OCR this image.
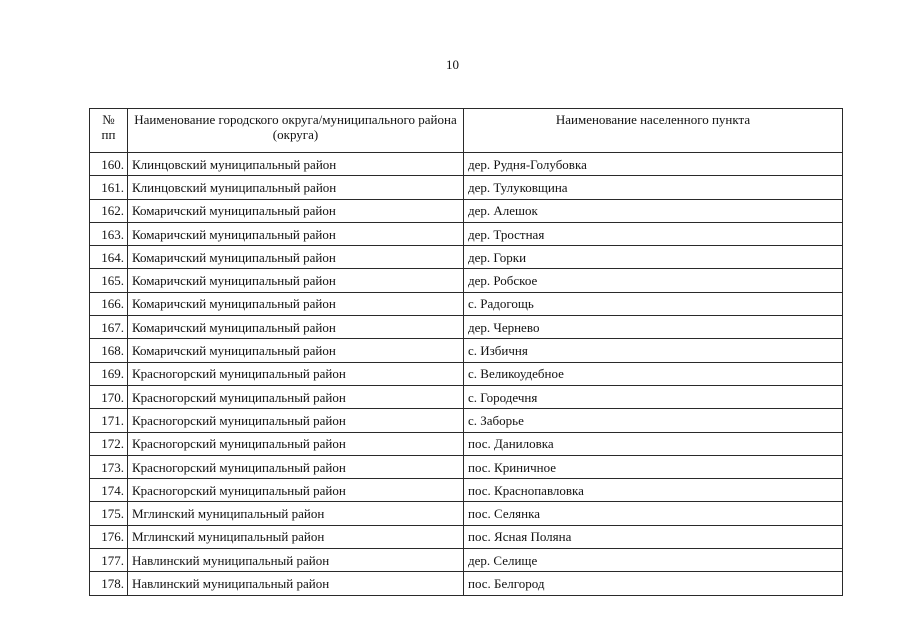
10
№ пп	Наименование городского округа/муниципального района (округа)	Наименование населенного пункта
160.	Клинцовский муниципальный район	дер. Рудня-Голубовка
161.	Клинцовский муниципальный район	дер. Тулуковщина
162.	Комаричский муниципальный район	дер. Алешок
163.	Комаричский муниципальный район	дер. Тростная
164.	Комаричский муниципальный район	дер. Горки
165.	Комаричский муниципальный район	дер. Робское
166.	Комаричский муниципальный район	с. Радогощь
167.	Комаричский муниципальный район	дер. Черневo
168.	Комаричский муниципальный район	с. Избичня
169.	Красногорский муниципальный район	с. Великоудебное
170.	Красногорский муниципальный район	с. Городечня
171.	Красногорский муниципальный район	с. Заборье
172.	Красногорский муниципальный район	пос. Даниловка
173.	Красногорский муниципальный район	пос. Криничное
174.	Красногорский муниципальный район	пос. Краснопавловка
175.	Мглинский муниципальный район	пос. Селянка
176.	Мглинский муниципальный район	пос. Ясная Поляна
177.	Навлинский муниципальный район	дер. Селище
178.	Навлинский муниципальный район	пос. Белгород
